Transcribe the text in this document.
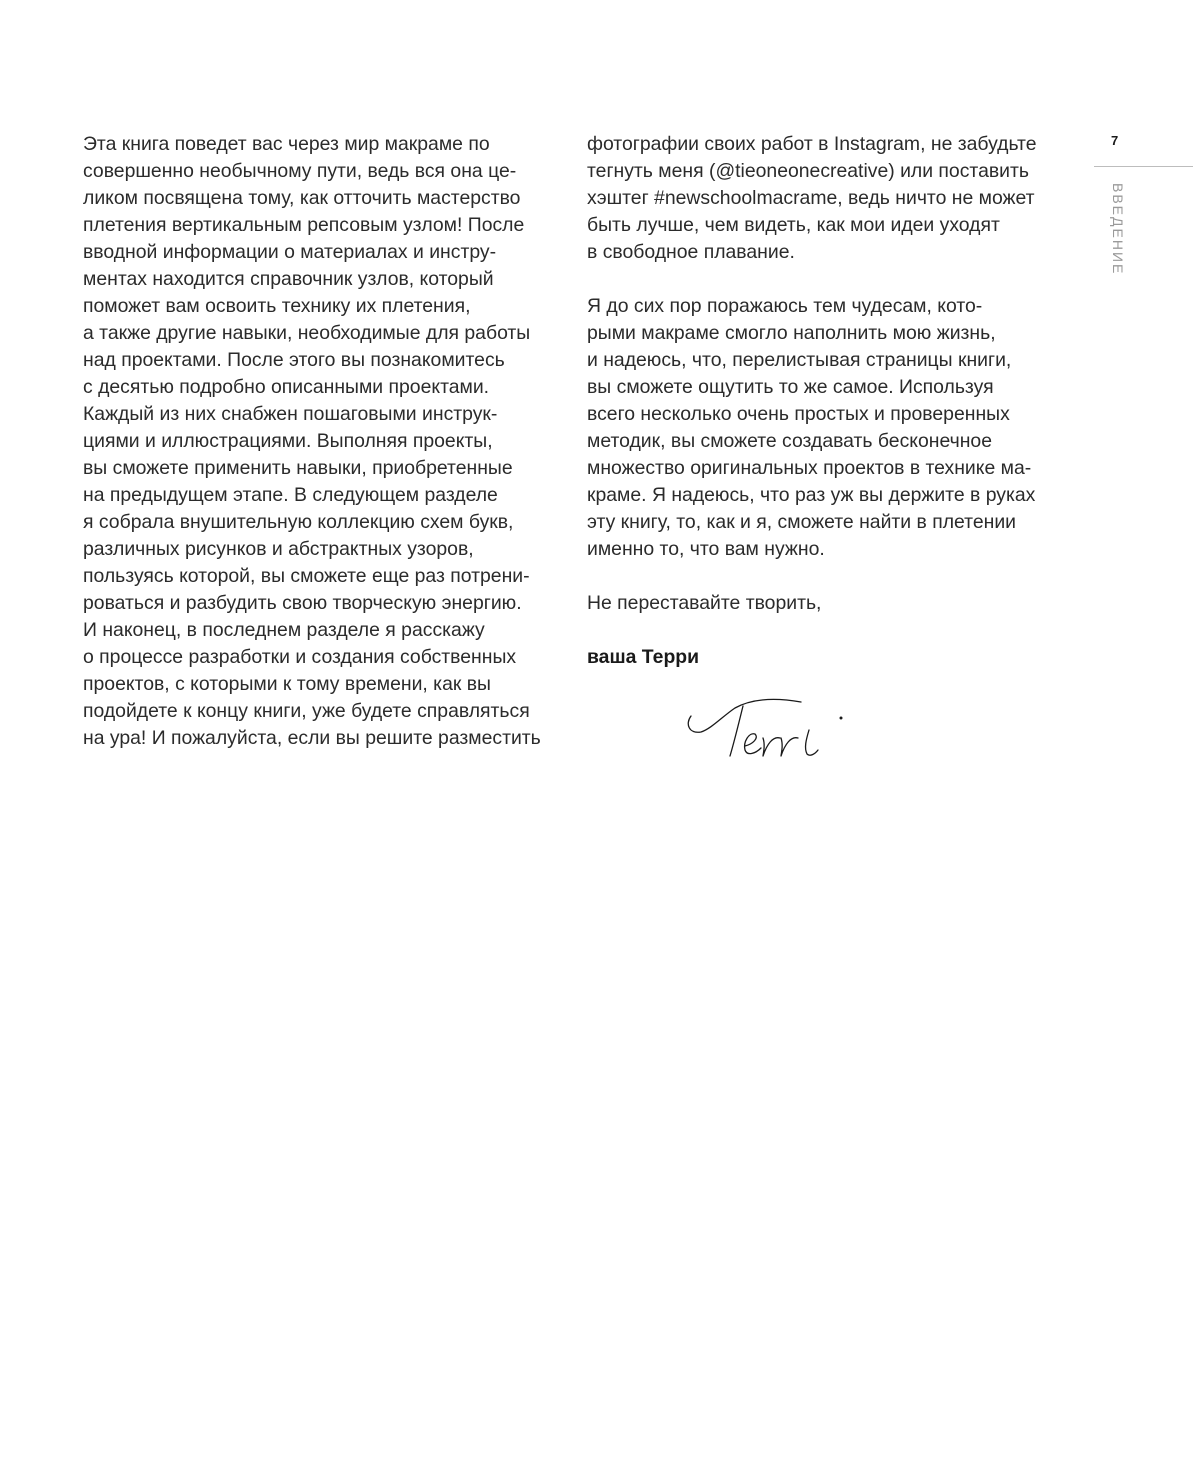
Эта книга поведет вас через мир макраме по
совершенно необычному пути, ведь вся она це-
ликом посвящена тому, как отточить мастерство
плетения вертикальным репсовым узлом! После
вводной информации о материалах и инстру-
ментах находится справочник узлов, который
поможет вам освоить технику их плетения,
а также другие навыки, необходимые для работы
над проектами. После этого вы познакомитесь
с десятью подробно описанными проектами.
Каждый из них снабжен пошаговыми инструк-
циями и иллюстрациями. Выполняя проекты,
вы сможете применить навыки, приобретенные
на предыдущем этапе. В следующем разделе
я собрала внушительную коллекцию схем букв,
различных рисунков и абстрактных узоров,
пользуясь которой, вы сможете еще раз потрени-
роваться и разбудить свою творческую энергию.
И наконец, в последнем разделе я расскажу
о процессе разработки и создания собственных
проектов, с которыми к тому времени, как вы
подойдете к концу книги, уже будете справляться
на ура! И пожалуйста, если вы решите разместить
фотографии своих работ в Instagram, не забудьте
тегнуть меня (@tieoneonecreative) или поставить
хэштег #newschoolmacrame, ведь ничто не может
быть лучше, чем видеть, как мои идеи уходят
в свободное плавание.
Я до сих пор поражаюсь тем чудесам, кото-
рыми макраме смогло наполнить мою жизнь,
и надеюсь, что, перелистывая страницы книги,
вы сможете ощутить то же самое. Используя
всего несколько очень простых и проверенных
методик, вы сможете создавать бесконечное
множество оригинальных проектов в технике ма-
краме. Я надеюсь, что раз уж вы держите в руках
эту книгу, то, как и я, сможете найти в плетении
именно то, что вам нужно.
Не переставайте творить,
ваша Терри
7
ВВЕДЕНИЕ
